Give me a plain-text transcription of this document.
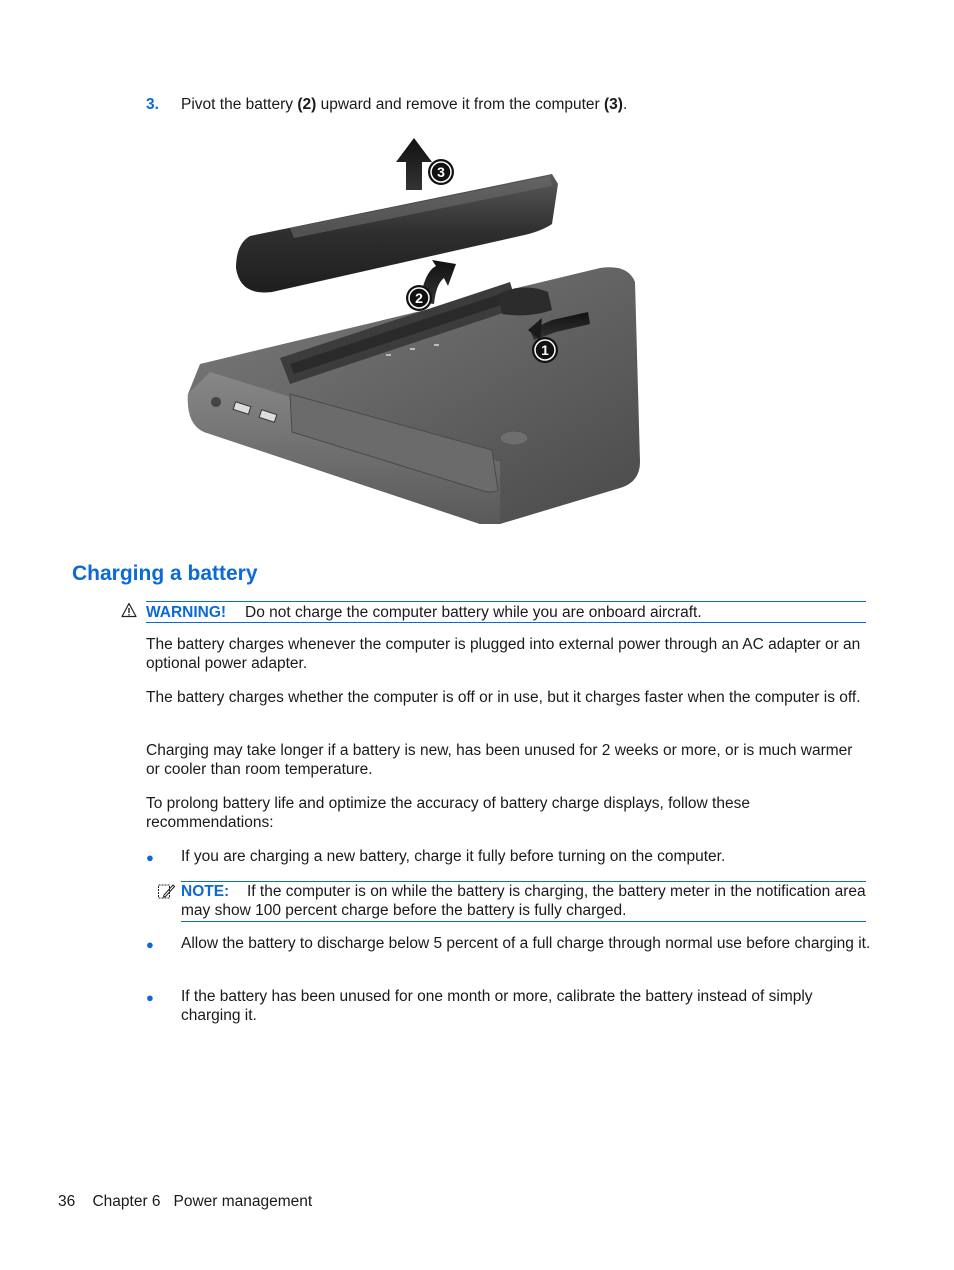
3. Pivot the battery (2) upward and remove it from the computer (3).
3
2
1
Charging a battery
WARNING! Do not charge the computer battery while you are onboard aircraft.
The battery charges whenever the computer is plugged into external power through an AC adapter or an optional power adapter.
The battery charges whether the computer is off or in use, but it charges faster when the computer is off.
Charging may take longer if a battery is new, has been unused for 2 weeks or more, or is much warmer or cooler than room temperature.
To prolong battery life and optimize the accuracy of battery charge displays, follow these recommendations:
● If you are charging a new battery, charge it fully before turning on the computer.
If the computer is on while the battery is charging, the battery meter in the notification area may show 100 percent charge before the battery is fully charged.
NOTE:
● Allow the battery to discharge below 5 percent of a full charge through normal use before charging it.
● If the battery has been unused for one month or more, calibrate the battery instead of simply charging it.
36 Chapter 6 Power management
